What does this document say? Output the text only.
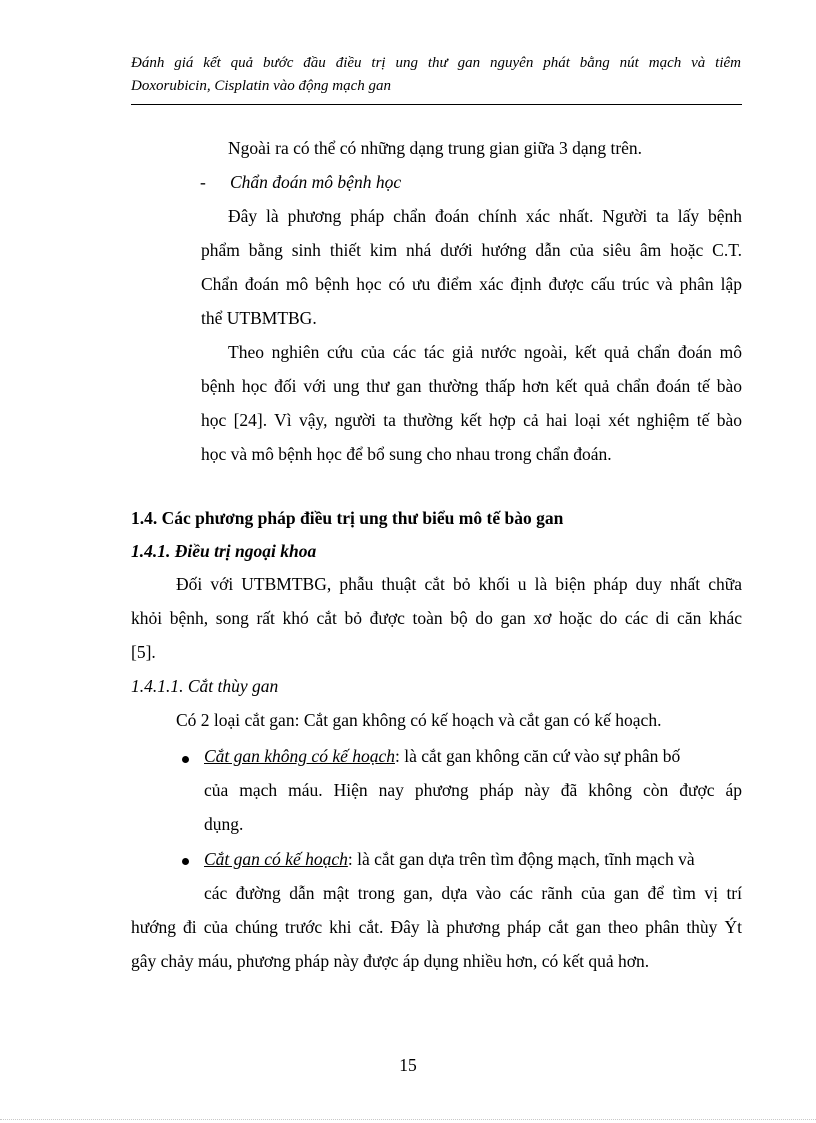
Đánh giá kết quả bước đầu điều trị ung thư gan nguyên phát bằng nút mạch và tiêm
Doxorubicin, Cisplatin vào động mạch gan
Ngoài ra có thể có những dạng trung gian giữa 3 dạng trên.
- Chẩn đoán mô bệnh học
Đây là phương pháp chẩn đoán chính xác nhất. Người ta lấy bệnh
phẩm bằng sinh thiết kim nhá dưới hướng dẫn của siêu âm hoặc C.T.
Chẩn đoán mô bệnh học có ưu điểm xác định được cấu trúc và phân lập
thể UTBMTBG.
Theo nghiên cứu của các tác giả nước ngoài, kết quả chẩn đoán mô
bệnh học đối với ung thư gan thường thấp hơn kết quả chẩn đoán tế bào
học [24]. Vì vậy, người ta thường kết hợp cả hai loại xét nghiệm tế bào
học và mô bệnh học để bổ sung cho nhau trong chẩn đoán.
1.4. Các phương pháp điều trị ung thư biểu mô tế bào gan
1.4.1. Điều trị ngoại khoa
Đối với UTBMTBG, phẫu thuật cắt bỏ khối u là biện pháp duy nhất chữa
khỏi bệnh, song rất khó cắt bỏ được toàn bộ do gan xơ hoặc do các di căn khác
[5].
1.4.1.1. Cắt thùy gan
Có 2 loại cắt gan: Cắt gan không có kế hoạch và cắt gan có kế hoạch.
Cắt gan không có kế hoạch: là cắt gan không căn cứ vào sự phân bố
của mạch máu. Hiện nay phương pháp này đã không còn được áp
dụng.
Cắt gan có kế hoạch: là cắt gan dựa trên tìm động mạch, tĩnh mạch và
các đường dẫn mật trong gan, dựa vào các rãnh của gan để tìm vị trí
hướng đi của chúng trước khi cắt. Đây là phương pháp cắt gan theo phân thùy Ýt
gây chảy máu, phương pháp này được áp dụng nhiều hơn, có kết quả hơn.
15
